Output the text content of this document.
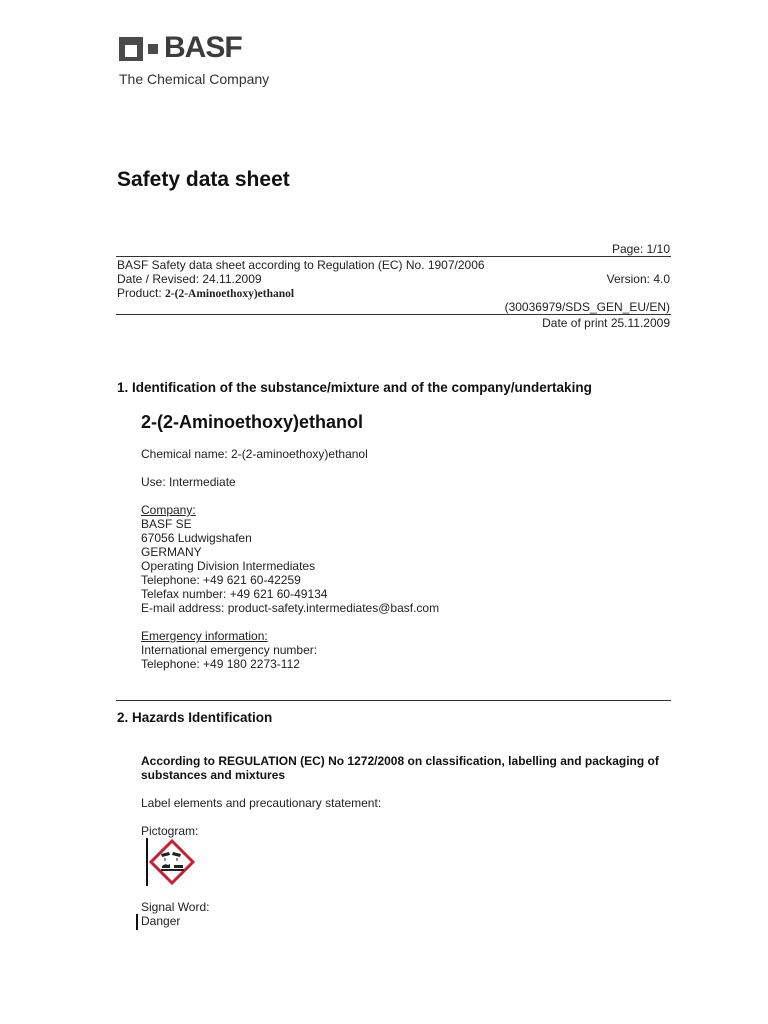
BASF
The Chemical Company
Safety data sheet
Page: 1/10
BASF Safety data sheet according to Regulation (EC) No. 1907/2006
Date / Revised: 24.11.2009	Version: 4.0
Product: 2-(2-Aminoethoxy)ethanol
(30036979/SDS_GEN_EU/EN)
Date of print 25.11.2009
1. Identification of the substance/mixture and of the company/undertaking
2-(2-Aminoethoxy)ethanol
Chemical name: 2-(2-aminoethoxy)ethanol
Use: Intermediate
Company:
BASF SE
67056 Ludwigshafen
GERMANY
Operating Division Intermediates
Telephone: +49 621 60-42259
Telefax number: +49 621 60-49134
E-mail address: product-safety.intermediates@basf.com
Emergency information:
International emergency number:
Telephone: +49 180 2273-112
2. Hazards Identification
According to REGULATION (EC) No 1272/2008 on classification, labelling and packaging of
substances and mixtures
Label elements and precautionary statement:
Pictogram:
Signal Word:
Danger
